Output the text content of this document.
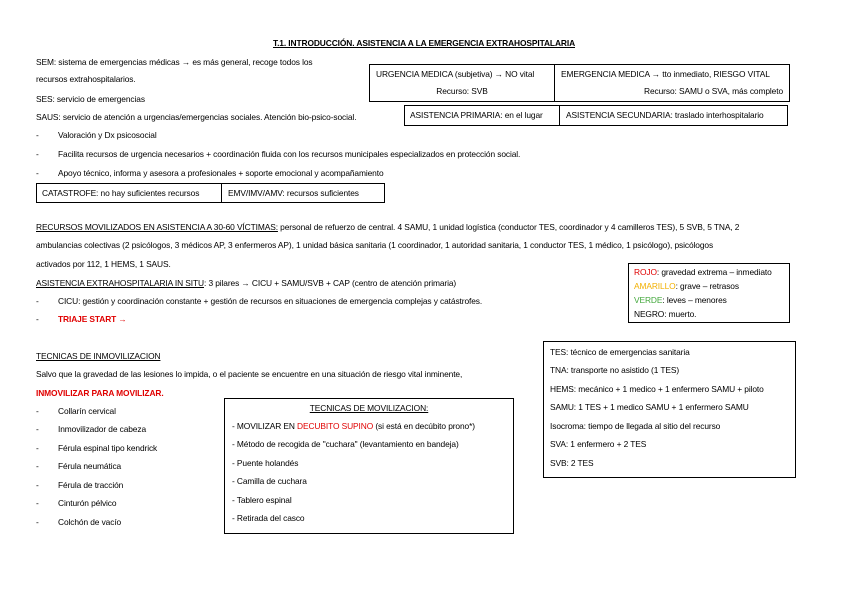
T.1. INTRODUCCIÓN. ASISTENCIA A LA EMERGENCIA EXTRAHOSPITALARIA
SEM: sistema de emergencias médicas → es más general, recoge todos los
recursos extrahospitalarios.
SES: servicio de emergencias
SAUS: servicio de atención a urgencias/emergencias sociales. Atención bio-psico-social.
- Valoración y Dx psicosocial
- Facilita recursos de urgencia necesarios + coordinación fluida con los recursos municipales especializados en protección social.
- Apoyo técnico, informa y asesora a profesionales + soporte emocional y acompañamiento
URGENCIA MEDICA (subjetiva) → NO vital
Recurso: SVB
EMERGENCIA MEDICA → tto inmediato, RIESGO VITAL
Recurso: SAMU o SVA, más completo
ASISTENCIA PRIMARIA: en el lugar	ASISTENCIA SECUNDARIA: traslado interhospitalario
CATASTROFE: no hay suficientes recursos	EMV/IMV/AMV: recursos suficientes
RECURSOS MOVILIZADOS EN ASISTENCIA A 30-60 VÍCTIMAS: personal de refuerzo de central. 4 SAMU, 1 unidad logística (conductor TES, coordinador y 4 camilleros TES), 5 SVB, 5 TNA, 2
ambulancias colectivas (2 psicólogos, 3 médicos AP, 3 enfermeros AP), 1 unidad básica sanitaria (1 coordinador, 1 autoridad sanitaria, 1 conductor TES, 1 médico, 1 psicólogo), psicólogos
activados por 112, 1 HEMS, 1 SAUS.
ASISTENCIA EXTRAHOSPITALARIA IN SITU: 3 pilares → CICU + SAMU/SVB + CAP (centro de atención primaria)
- CICU: gestión y coordinación constante + gestión de recursos en situaciones de emergencia complejas y catástrofes.
- TRIAJE START →
ROJO: gravedad extrema – inmediato
AMARILLO: grave – retrasos
VERDE: leves – menores
NEGRO: muerto.
TES: técnico de emergencias sanitaria
TNA: transporte no asistido (1 TES)
HEMS: mecánico + 1 medico + 1 enfermero SAMU + piloto
SAMU: 1 TES + 1 medico SAMU + 1 enfermero SAMU
Isocroma: tiempo de llegada al sitio del recurso
SVA: 1 enfermero + 2 TES
SVB: 2 TES
TECNICAS DE INMOVILIZACION
Salvo que la gravedad de las lesiones lo impida, o el paciente se encuentre en una situación de riesgo vital inminente,
INMOVILIZAR PARA MOVILIZAR.
- Collarín cervical
- Inmovilizador de cabeza
- Férula espinal tipo kendrick
- Férula neumática
- Férula de tracción
- Cinturón pélvico
- Colchón de vacío
TECNICAS DE MOVILIZACION:
- MOVILIZAR EN DECUBITO SUPINO (si está en decúbito prono*)
- Método de recogida de "cuchara" (levantamiento en bandeja)
- Puente holandés
- Camilla de cuchara
- Tablero espinal
- Retirada del casco
